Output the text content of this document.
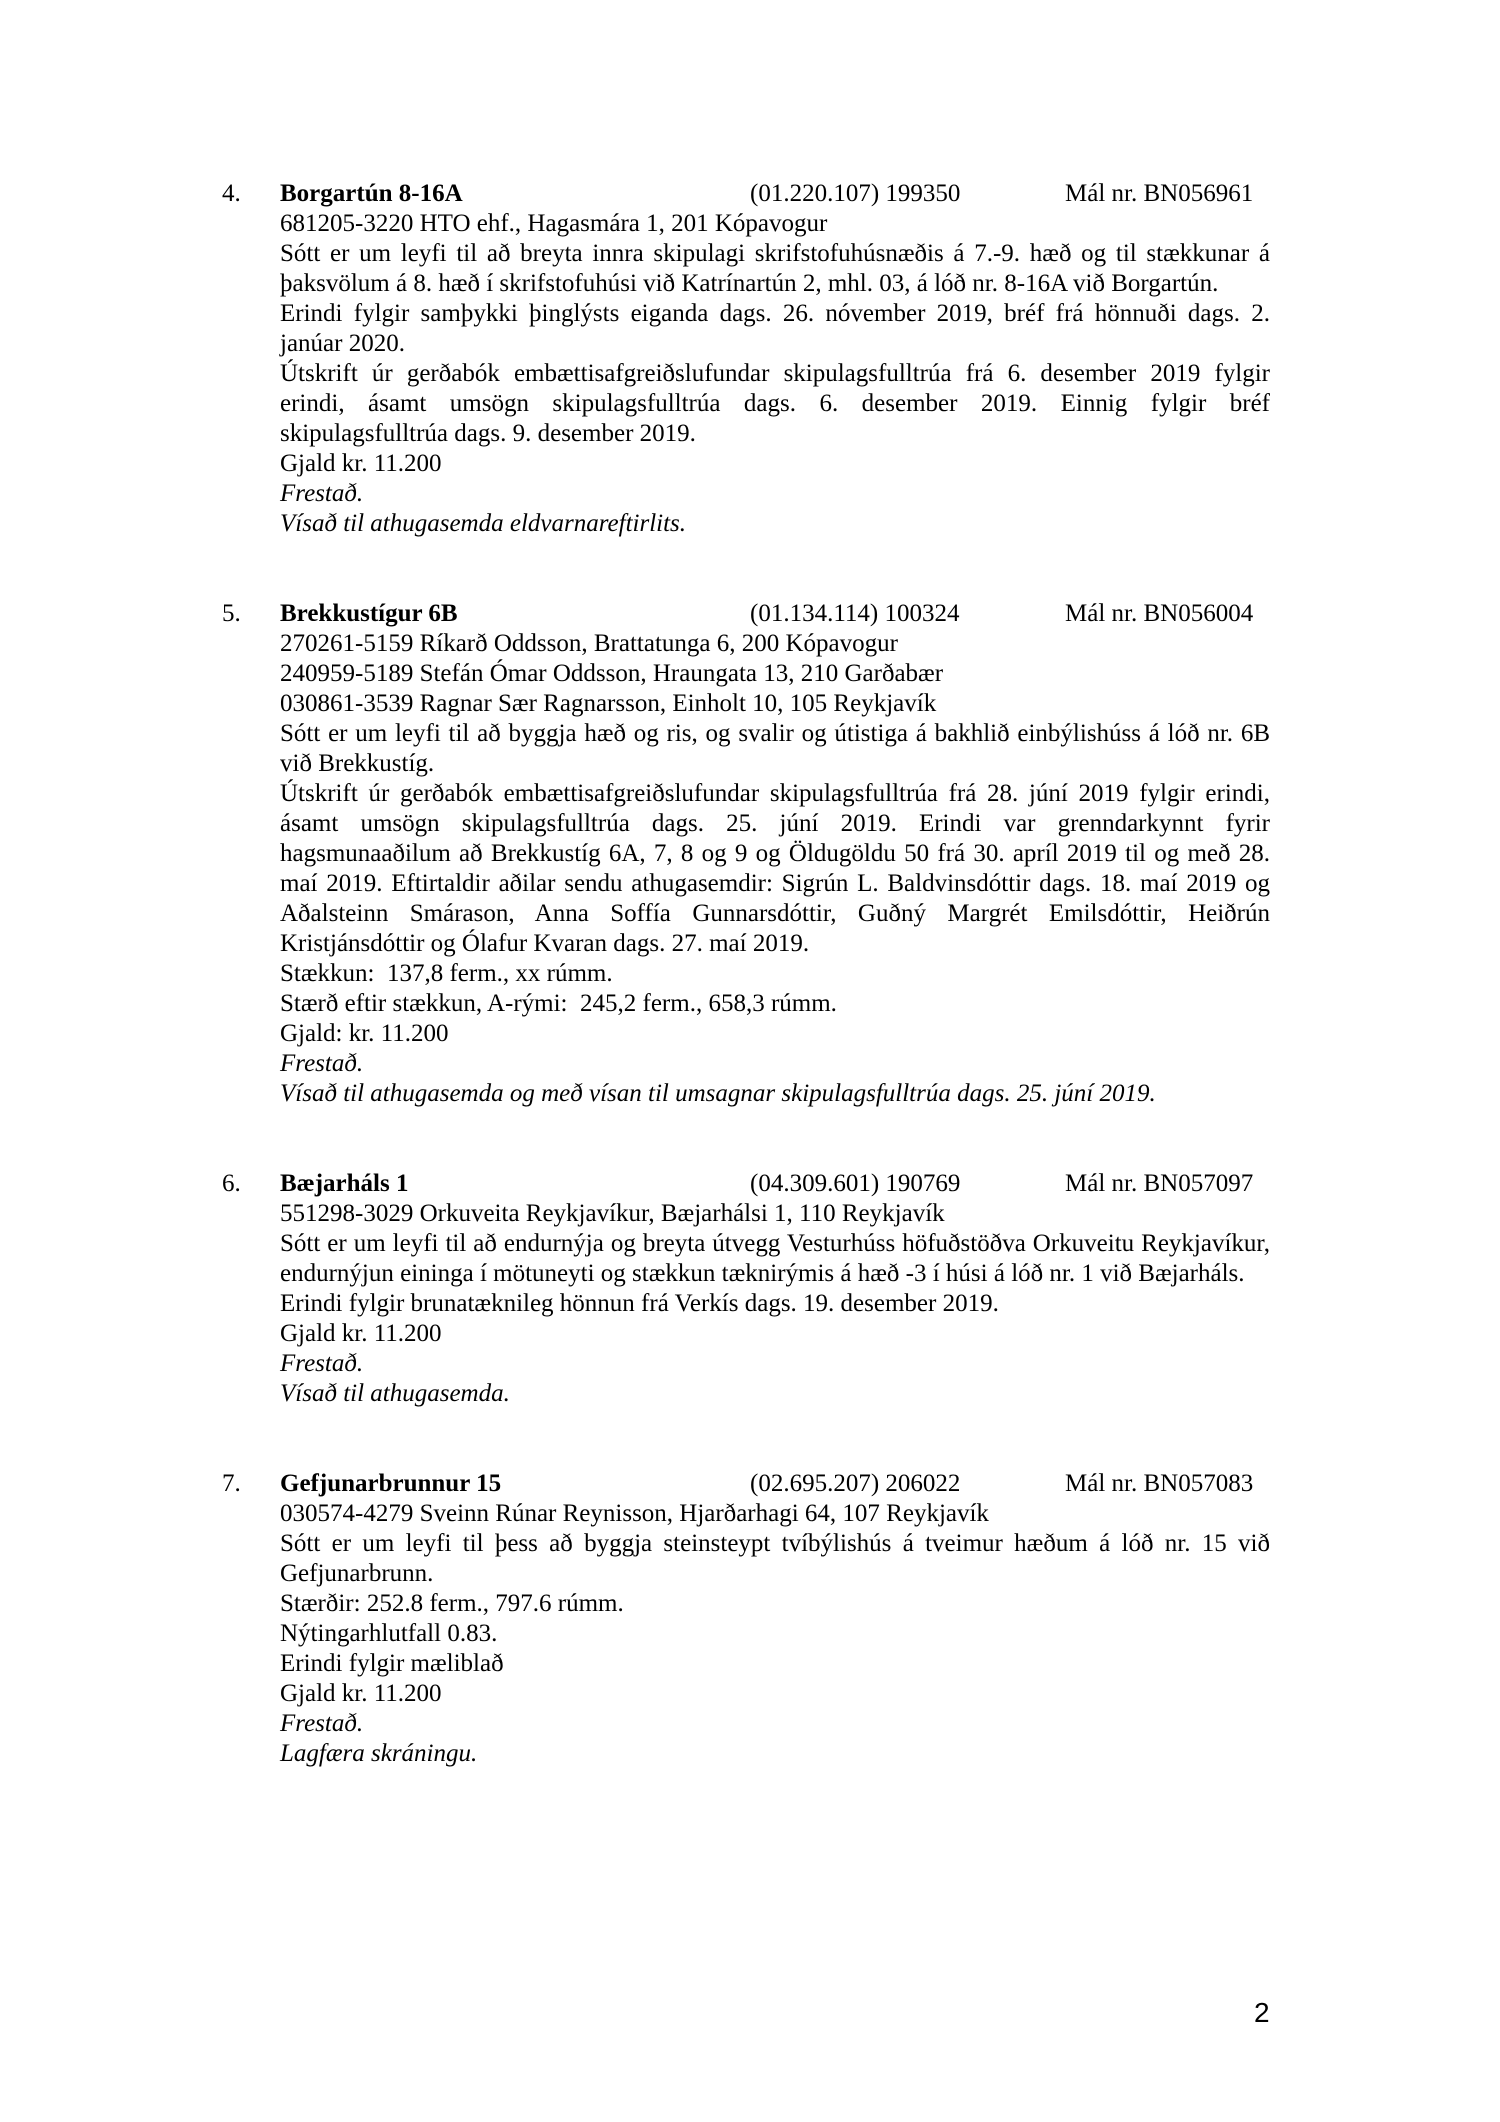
4.	Borgartún 8-16A	(01.220.107) 199350	Mál nr. BN056961
681205-3220 HTO ehf., Hagasmára 1, 201 Kópavogur
Sótt er um leyfi til að breyta innra skipulagi skrifstofuhúsnæðis á 7.-9. hæð og til stækkunar á þaksvölum á 8. hæð í skrifstofuhúsi við Katrínartún 2, mhl. 03, á lóð nr. 8-16A við Borgartún.
Erindi fylgir samþykki þinglýsts eiganda dags. 26. nóvember 2019, bréf frá hönnuði dags. 2. janúar 2020.
Útskrift úr gerðabók embættisafgreiðslufundar skipulagsfulltrúa frá 6. desember 2019 fylgir erindi, ásamt umsögn skipulagsfulltrúa dags. 6. desember 2019. Einnig fylgir bréf skipulagsfulltrúa dags. 9. desember 2019.
Gjald kr. 11.200
Frestað.
Vísað til athugasemda eldvarnareftirlits.
5.	Brekkustígur 6B	(01.134.114) 100324	Mál nr. BN056004
270261-5159 Ríkarð Oddsson, Brattatunga 6, 200 Kópavogur
240959-5189 Stefán Ómar Oddsson, Hraungata 13, 210 Garðabær
030861-3539 Ragnar Sær Ragnarsson, Einholt 10, 105 Reykjavík
Sótt er um leyfi til að byggja hæð og ris, og svalir og útistiga á bakhlið einbýlishúss á lóð nr. 6B við Brekkustíg.
Útskrift úr gerðabók embættisafgreiðslufundar skipulagsfulltrúa frá 28. júní 2019 fylgir erindi, ásamt umsögn skipulagsfulltrúa dags. 25. júní 2019. Erindi var grenndarkynnt fyrir hagsmunaaðilum að Brekkustíg 6A, 7, 8 og 9 og Öldugöldu 50 frá 30. apríl 2019 til og með 28. maí 2019. Eftirtaldir aðilar sendu athugasemdir: Sigrún L. Baldvinsdóttir dags. 18. maí 2019 og Aðalsteinn Smárason, Anna Soffía Gunnarsdóttir, Guðný Margrét Emilsdóttir, Heiðrún Kristjánsdóttir og Ólafur Kvaran dags. 27. maí 2019.
Stækkun:  137,8 ferm., xx rúmm.
Stærð eftir stækkun, A-rými:  245,2 ferm., 658,3 rúmm.
Gjald: kr. 11.200
Frestað.
Vísað til athugasemda og með vísan til umsagnar skipulagsfulltrúa dags. 25. júní 2019.
6.	Bæjarháls 1	(04.309.601) 190769	Mál nr. BN057097
551298-3029 Orkuveita Reykjavíkur, Bæjarhálsi 1, 110 Reykjavík
Sótt er um leyfi til að endurnýja og breyta útvegg Vesturhúss höfuðstöðva Orkuveitu Reykjavíkur, endurnýjun eininga í mötuneyti og stækkun tæknirýmis á hæð -3 í húsi á lóð nr. 1 við Bæjarháls.
Erindi fylgir brunatæknileg hönnun frá Verkís dags. 19. desember 2019.
Gjald kr. 11.200
Frestað.
Vísað til athugasemda.
7.	Gefjunarbrunnur 15	(02.695.207) 206022	Mál nr. BN057083
030574-4279 Sveinn Rúnar Reynisson, Hjarðarhagi 64, 107 Reykjavík
Sótt er um leyfi til þess að byggja steinsteypt tvíbýlishús á tveimur hæðum á lóð nr. 15 við Gefjunarbrunn.
Stærðir: 252.8 ferm., 797.6 rúmm.
Nýtingarhlutfall 0.83.
Erindi fylgir mæliblað
Gjald kr. 11.200
Frestað.
Lagfæra skráningu.
2
